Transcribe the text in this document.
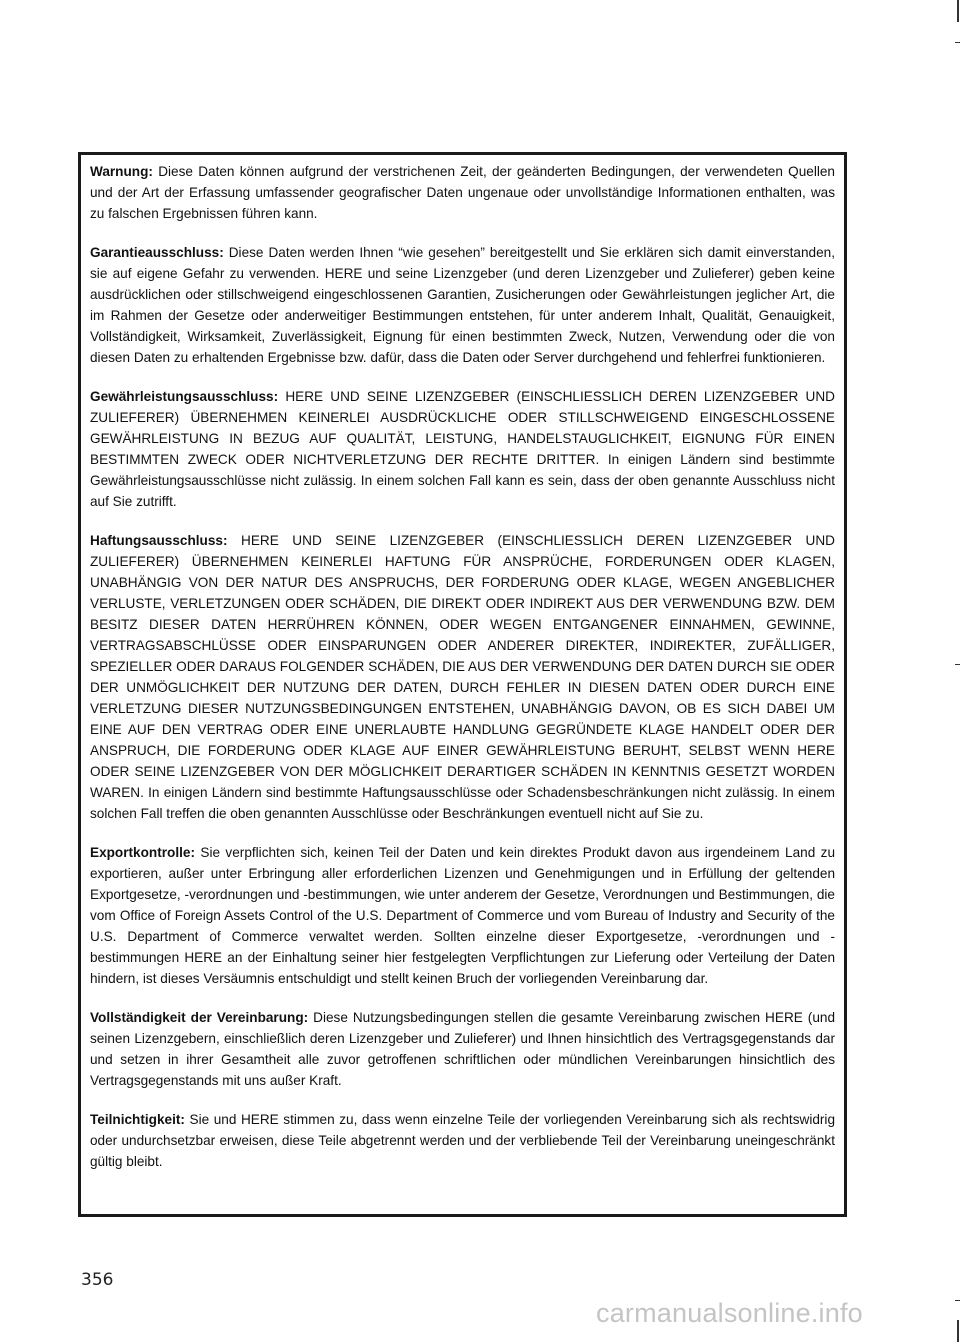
Warnung: Diese Daten können aufgrund der verstrichenen Zeit, der geänderten Bedingungen, der verwendeten Quellen und der Art der Erfassung umfassender geografischer Daten ungenaue oder unvollständige Informationen enthalten, was zu falschen Ergebnissen führen kann.

Garantieausschluss: Diese Daten werden Ihnen “wie gesehen” bereitgestellt und Sie erklären sich damit einverstanden, sie auf eigene Gefahr zu verwenden. HERE und seine Lizenzgeber (und deren Lizenzgeber und Zulieferer) geben keine ausdrücklichen oder stillschweigend eingeschlossenen Garantien, Zusicherungen oder Gewährleistungen jeglicher Art, die im Rahmen der Gesetze oder anderweitiger Bestimmungen entstehen, für unter anderem Inhalt, Qualität, Genauigkeit, Vollständigkeit, Wirksamkeit, Zuverlässigkeit, Eignung für einen bestimmten Zweck, Nutzen, Verwendung oder die von diesen Daten zu erhaltenden Ergebnisse bzw. dafür, dass die Daten oder Server durchgehend und fehlerfrei funktionieren.

Gewährleistungsausschluss: HERE UND SEINE LIZENZGEBER (EINSCHLIESSLICH DEREN LIZENZGEBER UND ZULIEFERER) ÜBERNEHMEN KEINERLEI AUSDRÜCKLICHE ODER STILLSCHWEIGEND EINGESCHLOSSENE GEWÄHRLEISTUNG IN BEZUG AUF QUALITÄT, LEISTUNG, HANDELSTAUGLICHKEIT, EIGNUNG FÜR EINEN BESTIMMTEN ZWECK ODER NICHTVERLETZUNG DER RECHTE DRITTER. In einigen Ländern sind bestimmte Gewährleistungsausschlüsse nicht zulässig. In einem solchen Fall kann es sein, dass der oben genannte Ausschluss nicht auf Sie zutrifft.

Haftungsausschluss: HERE UND SEINE LIZENZGEBER (EINSCHLIESSLICH DEREN LIZENZGEBER UND ZULIEFERER) ÜBERNEHMEN KEINERLEI HAFTUNG FÜR ANSPRÜCHE, FORDERUNGEN ODER KLAGEN, UNABHÄNGIG VON DER NATUR DES ANSPRUCHS, DER FORDERUNG ODER KLAGE, WEGEN ANGEBLICHER VERLUSTE, VERLETZUNGEN ODER SCHÄDEN, DIE DIREKT ODER INDIREKT AUS DER VERWENDUNG BZW. DEM BESITZ DIESER DATEN HERRÜHREN KÖNNEN, ODER WEGEN ENTGANGENER EINNAHMEN, GEWINNE, VERTRAGSABSCHLÜSSE ODER EINSPARUNGEN ODER ANDERER DIREKTER, INDIREKTER, ZUFÄLLIGER, SPEZIELLER ODER DARAUS FOLGENDER SCHÄDEN, DIE AUS DER VERWENDUNG DER DATEN DURCH SIE ODER DER UNMÖGLICHKEIT DER NUTZUNG DER DATEN, DURCH FEHLER IN DIESEN DATEN ODER DURCH EINE VERLETZUNG DIESER NUTZUNGSBEDINGUNGEN ENTSTEHEN, UNABHÄNGIG DAVON, OB ES SICH DABEI UM EINE AUF DEN VERTRAG ODER EINE UNERLAUBTE HANDLUNG GEGRÜNDETE KLAGE HANDELT ODER DER ANSPRUCH, DIE FORDERUNG ODER KLAGE AUF EINER GEWÄHRLEISTUNG BERUHT, SELBST WENN HERE ODER SEINE LIZENZGEBER VON DER MÖGLICHKEIT DERARTIGER SCHÄDEN IN KENNTNIS GESETZT WORDEN WAREN. In einigen Ländern sind bestimmte Haftungsausschlüsse oder Schadensbeschränkungen nicht zulässig. In einem solchen Fall treffen die oben genannten Ausschlüsse oder Beschränkungen eventuell nicht auf Sie zu.

Exportkontrolle: Sie verpflichten sich, keinen Teil der Daten und kein direktes Produkt davon aus irgendeinem Land zu exportieren, außer unter Erbringung aller erforderlichen Lizenzen und Genehmigungen und in Erfüllung der geltenden Exportgesetze, -verordnungen und -bestimmungen, wie unter anderem der Gesetze, Verordnungen und Bestimmungen, die vom Office of Foreign Assets Control of the U.S. Department of Commerce und vom Bureau of Industry and Security of the U.S. Department of Commerce verwaltet werden. Sollten einzelne dieser Exportgesetze, -verordnungen und -bestimmungen HERE an der Einhaltung seiner hier festgelegten Verpflichtungen zur Lieferung oder Verteilung der Daten hindern, ist dieses Versäumnis entschuldigt und stellt keinen Bruch der vorliegenden Vereinbarung dar.

Vollständigkeit der Vereinbarung: Diese Nutzungsbedingungen stellen die gesamte Vereinbarung zwischen HERE (und seinen Lizenzgebern, einschließlich deren Lizenzgeber und Zulieferer) und Ihnen hinsichtlich des Vertragsgegenstands dar und setzen in ihrer Gesamtheit alle zuvor getroffenen schriftlichen oder mündlichen Vereinbarungen hinsichtlich des Vertragsgegenstands mit uns außer Kraft.

Teilnichtigkeit: Sie und HERE stimmen zu, dass wenn einzelne Teile der vorliegenden Vereinbarung sich als rechtswidrig oder undurchsetzbar erweisen, diese Teile abgetrennt werden und der verbliebende Teil der Vereinbarung uneingeschränkt gültig bleibt.

356
carmanualsonline.info
